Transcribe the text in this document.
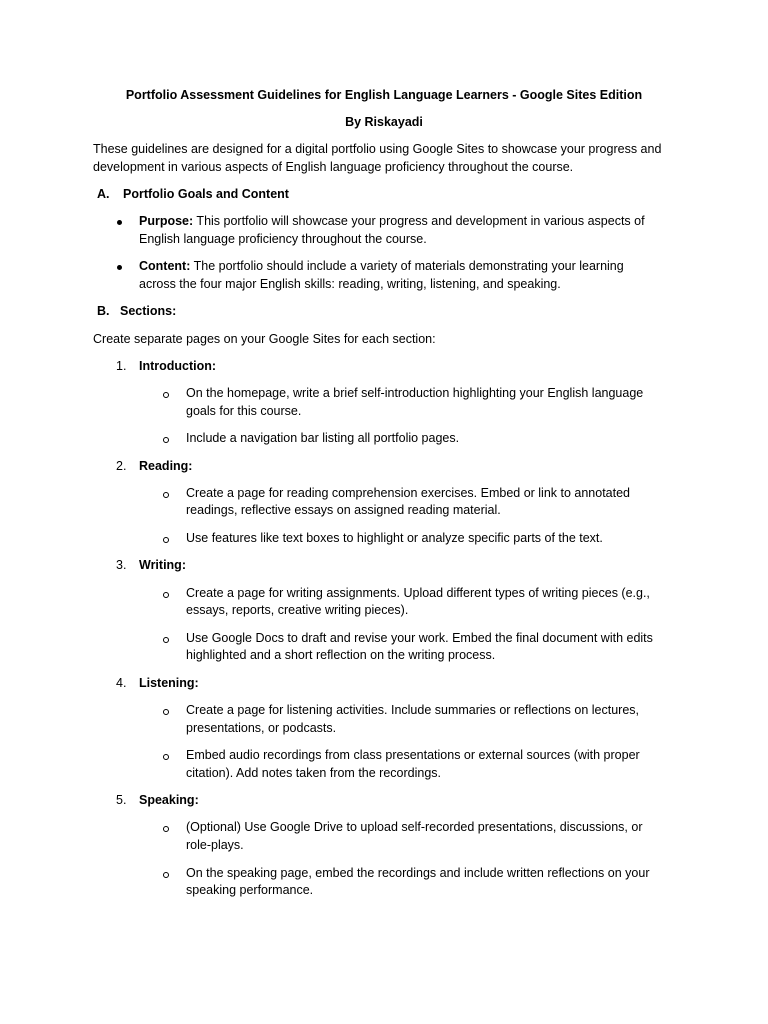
Portfolio Assessment Guidelines for English Language Learners - Google Sites Edition
By Riskayadi
These guidelines are designed for a digital portfolio using Google Sites to showcase your progress and
development in various aspects of English language proficiency throughout the course.
A. Portfolio Goals and Content
Purpose: This portfolio will showcase your progress and development in various aspects of
English language proficiency throughout the course.
Content: The portfolio should include a variety of materials demonstrating your learning
across the four major English skills: reading, writing, listening, and speaking.
B. Sections:
Create separate pages on your Google Sites for each section:
1. Introduction:
On the homepage, write a brief self-introduction highlighting your English language
goals for this course.
Include a navigation bar listing all portfolio pages.
2. Reading:
Create a page for reading comprehension exercises. Embed or link to annotated
readings, reflective essays on assigned reading material.
Use features like text boxes to highlight or analyze specific parts of the text.
3. Writing:
Create a page for writing assignments. Upload different types of writing pieces (e.g.,
essays, reports, creative writing pieces).
Use Google Docs to draft and revise your work. Embed the final document with edits
highlighted and a short reflection on the writing process.
4. Listening:
Create a page for listening activities. Include summaries or reflections on lectures,
presentations, or podcasts.
Embed audio recordings from class presentations or external sources (with proper
citation). Add notes taken from the recordings.
5. Speaking:
(Optional) Use Google Drive to upload self-recorded presentations, discussions, or
role-plays.
On the speaking page, embed the recordings and include written reflections on your
speaking performance.
